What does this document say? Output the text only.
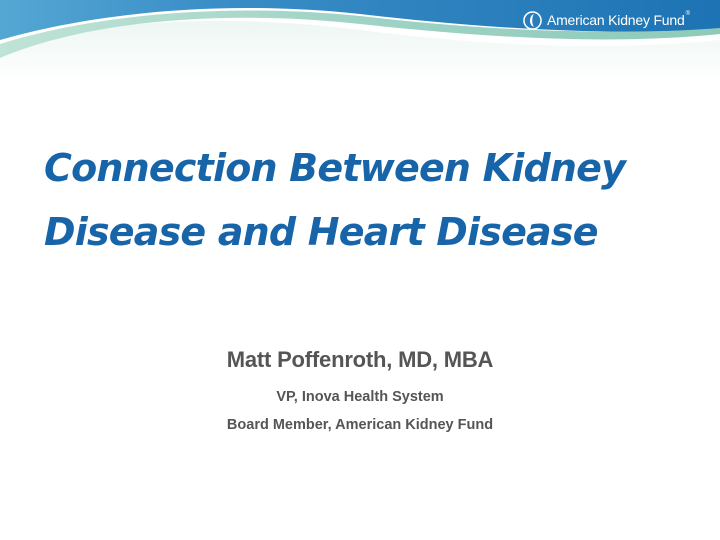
American Kidney Fund ®
Connection Between Kidney
Disease and Heart Disease
Matt Poffenroth, MD, MBA
VP, Inova Health System
Board Member, American Kidney Fund
